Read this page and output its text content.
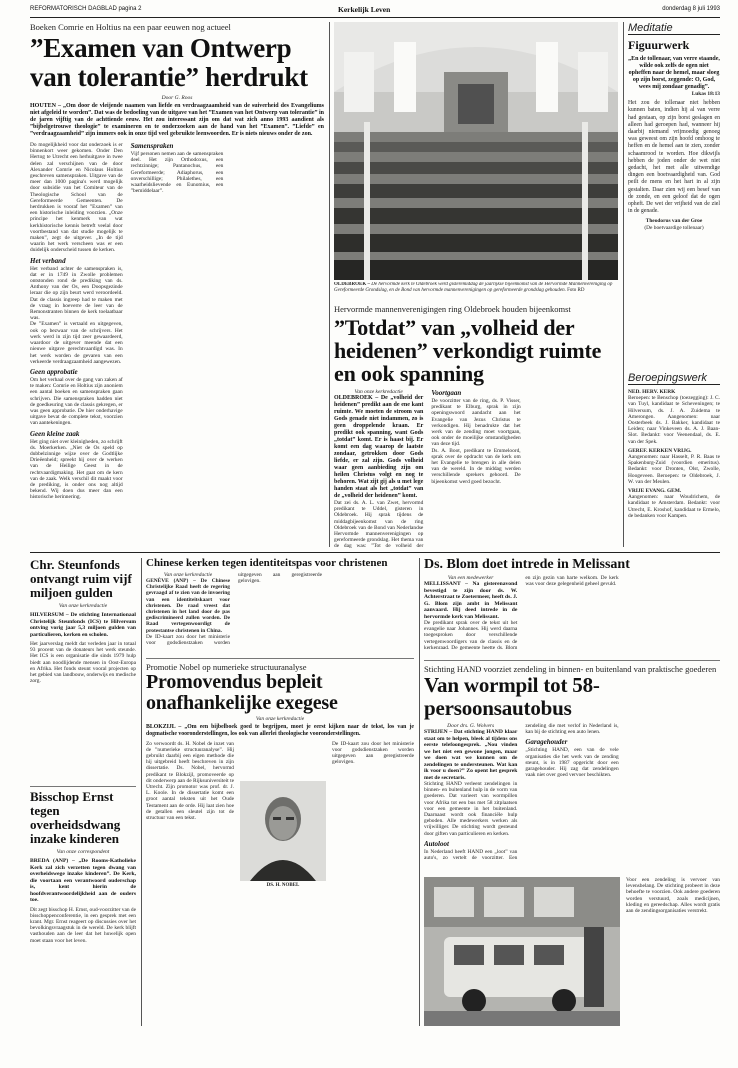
REFORMATORISCH DAGBLAD pagina 2	Kerkelijk Leven	donderdag 8 juli 1993
Boeken Comrie en Holtius na een paar eeuwen nog actueel
”Examen van Ontwerp van tolerantie” herdrukt
Door G. Roos
HOUTEN – „Om door de vleijende naamen van liefde en verdraagzaamheid van de suiverheid des Evangeliums niet afgeleid te worden”. Dat was de bedoeling van de uitgave van het ”Examen van het Ontwerp van tolerantie” in de jaren vijftig van de achttiende eeuw. Het zou interessant zijn om dat wat zich anno 1993 aandient als ”bijbelgetrouwe theologie” te examineren en te onderzoeken aan de hand van het ”Examen”. ”Liefde” en ”verdraagzaamheid” zijn immers ook in onze tijd veel gebruikte leenwoorden. Er is niets nieuws onder de zon.

Do mogelijkheid voor dat onderzoek is er binnenkort weer gekomen. Onder Den Hertog te Utrecht een herhuitgave in twee delen zal verschijnen van de door Alexander Comrie en Nicolaus Holtius geschreven samenspraken. Uitgave van de meer dan 1000 pagina's werd mogelijk door subsidie van het Comiteur van de Theologische School van de Gereformeerde Gemeenten. De herdrukken is vooraf het ”Examen” van een historische inleiding voorzien. „Onze principe het kenmerk van wat kerkhistorische kennis betreft veelal door voortbestand van dat studie mogelijk te maken”, zegt de uitgever. „In de tijd waarin het werk verscheen was er een duidelijk onderscheid tussen de kerken.

Het verband

Het verband achter de samenspraken is, dat er in 1749 in Zwolle problemen ontstonden rond de prediking van ds. Anthony van der Os, een Doopsgezinde leraar die op zijn beurt werd veroordeeld. Dat de classis ingreep had te maken met de vraag in hoeverre de leer van de Remonstranten binnen de kerk toelaatbaar was.

De ”Examen” is vertaald en uitgegeven, ook op bezwaar van de schrijvers. Het werk werd in zijn tijd zeer gewaardeerd, waardoor de uitgever meende dat een nieuwe uitgave gerechtvaardigd was. In het werk worden de gevaren van een verkeerde verdraagzaamheid aangewezen.

Geen approbatie

Om het verhaal over de gang van zaken af te maken: Comrie en Holtius zijn anoniem een aantal boeken en samenspraken gaan schrijven. Die samenspraken hadden niet de goedkeuring van de classis gekregen, er was geen approbatie. De hier onderhavige uitgave bevat de complete tekst, voorzien van aantekeningen.

Geen kleine zaak

Het ging niet over kleinigheden, zo schrijft ds. Moerkerken. „Niet de Os speld op dubbelzinnige wijze over de Godtlijke Drieëenheid; spreekt hij over de werken van de Heilige Geest in de rechtvaardigmaking. Het gaat om de kern van de zaak. Welk verschil dit maakt voor de prediking, is onder ons nog altijd bekend. Wij doen dus meer dan een historische herinnering.

Samenspraken

Vijf personen nemen aan de samenspraken deel. Het zijn Orthodoxus, een rechtzinnige; Pantanochus, een Gereformeerde; Adiaphorus, een onverschillige; Philalethes, een waarheidslievende en Eunomius, een ”bemiddelaar”.

OLDEBROEK – De hervormde kerk te Oldebroek werd gisteremiddag de jaarlijkse bijeenkomst van de Hervormde Mannenvereniging op Gereformeerde Grondslag, en de Bond van hervormde mannenverenigingen op gereformeerde grondslag gehouden. Foto RD
Hervormde mannenverenigingen ring Oldebroek houden bijeenkomst
”Totdat” van „volheid der heidenen” verkondigt ruimte en ook spanning
Van onze kerkredactie

OLDEBROEK – De „volheid der heidenen” predikt aan de ene kant ruimte. We moeten de stroom van Gods genade niet indammen, zo is geen droppelende kraan. Er predikt ook spanning, want Gods „totdat” komt. Er is haast bij. Er komt een dag waarop de laatste zondaar, getrokken door Gods liefde, er zal zijn. Gods volheid waar geen aanbieding zijn om heilen Christus volgt en nog te behoren. Wat zijt gij als u met lege handen staat als het „totdat” van de „volheid der heidenen” komt.

Dat zei ds. A. L. van Zwet, hervormd predikant te Uddel, gisteren in Oldebroek. Hij sprak tijdens de middagbijeenkomst van de ring Oldebroek van de Bond van Nederlandse Hervormde mannenverenigingen op gereformeerde grondslag. Het thema van de dag was: ”Tot de volheid der

Voortgaan

De voorzitter van de ring, ds. P. Visser, predikant te Elburg, sprak in zijn openingswoord aandacht aan het Evangelie van Jezus Christus te verkondigen. Hij benadrukte dat het werk van de zending moet voortgaan, ook onder de moeilijke omstandigheden van deze tijd.

Ds. A. Boot, predikant te Emmeloord, sprak over de opdracht van de kerk om het Evangelie te brengen in alle delen van de wereld. In de middag werden verschillende sprekers gehoord. De bijeenkomst werd goed bezocht.

Meditatie
Figuurwerk
„En de tollenaar, van verre staande, wilde ook zelfs de ogen niet opheffen naar de hemel, maar sloeg op zijn borst, zeggende: O, God, wees mij zondaar genadig”.
Lukas 18:13
Het zou de tollenaar niet hebben kunnen baten, indien hij al van verre had gestaan, op zijn borst geslagen en alleen had geroepen had, wanneer hij daarbij niemand vrijmoedig genoeg was geweest om zijn hoofd omhoog te heffen en de hemel aan te zien, zonder schaamrood te worden. Hoe dikwijls hebben de joden onder de wet niet gedacht, het met alle uitwendige dingen een boetvaardigheid van. God peilt de mens en het hart in al zijn gestalten. Daar zien wij een besef van de zonde, en een geloof dat de ogen opheft. De wet der vrijheid van de ziel in de genade.
Theodorus van der Groe
(De boetvaardige tollenaar)
Beroepingswerk
NED. HERV. KERK
Beroepen: te Benschop (toezegging): J. C. van Tuyl, kandidaat te Scheveningen; te Hilversum, ds. J. A. Zuidema te Amerongen. Aangenomen: naar Oosterbeek ds. J. Bakker, kandidaat te Leiden; naar Vinkeveen ds. A. J. Baan-Slot. Bedankt: voor Veenendaal, ds. E. van der Spek.
GEREF. KERKEN VRIJG.
Aangenomen: naar Hasselt, P. R. Baas te Spakenburg-Zuid (voordien emeritus). Bedankt: voor Dronten, Olst, Zwolle, Hoogeveen. Beroepen: te Oldebroek, J. W. van der Meulen.
VRIJE EVANG. GEM.
Aangenomen: naar Woudrichem, de kandidaat te Amsterdam. Bedankt: voor Utrecht, E. Kroshof, kandidaat te Ermelo, de bedanken voor Kampen.
Chr. Steunfonds ontvangt ruim vijf miljoen gulden
Van onze kerkredactie

HILVERSUM – De stichting Internationaal Christelijk Steunfonds (ICS) te Hilversum ontving vorig jaar 5,3 miljoen gulden van particulieren, kerken en scholen.

Het jaarverslag meldt dat verleden jaar in totaal 93 procent van de donateurs het werk steunde. Het ICS is een organisatie die sinds 1979 hulp biedt aan noodlijdende mensen in Oost-Europa en Afrika. Het fonds steunt vooral projecten op het gebied van landbouw, onderwijs en medische zorg.

Bisschop Ernst tegen overheidsdwang inzake kinderen
Van onze correspondent

BREDA (ANP) – „De Rooms-Katholieke Kerk zal zich verzetten tegen dwang van overheidswege inzake kinderen”. De Kerk, die voortaan een verantwoord ouderschap is, kent hierin de hoofdverantwoordelijkheid aan de ouders toe.

Dit zegt bisschop H. Ernst, oud-voorzitter van de bisschoppenconferentie, in een gesprek met een krant. Mgr. Ernst reageert op discussies over het bevolkingsvraagstuk in de wereld. De kerk blijft vasthouden aan de leer dat het huwelijk open moet staan voor het leven.

Chinese kerken tegen identiteitspas voor christenen
Van onze kerkredactie

GENÈVE (ANP) – De Chinese Christelijke Raad heeft de regering gevraagd af te zien van de invoering van een identiteitskaart voor christenen. De raad vreest dat christenen in het land door de pas gediscrimineerd zullen worden. De Raad vertegenwoordigt de protestantse christenen in China.

De ID-kaart zou door het ministerie voor godsdienstzaken worden uitgegeven aan geregistreerde gelovigen.

Promotie Nobel op numerieke structuuranalyse
Promovendus bepleit onafhankelijke exegese
Van onze kerkredactie

BLOKZIJL – „Om een bijbelboek goed te begrijpen, moet je eerst kijken naar de tekst, los van je dogmatische vooronderstellingen, los ook van allerlei theologische vooronderstellingen.

Zo verwoordt ds. H. Nobel de inzet van de ”numerieke structuuranalyse”. Hij gebruikt daarbij een eigen methode die hij uitgebreid heeft beschreven in zijn dissertatie. Ds. Nobel, hervormd predikant te Blokzijl, promoveerde op dit onderwerp aan de Rijksuniversiteit te Utrecht. Zijn promotor was prof. dr. J. L. Koole. In de dissertatie komt een groot aantal teksten uit het Oude Testament aan de orde. Hij laat zien hoe de getallen een sleutel zijn tot de structuur van een tekst.
DS. H. NOBEL
De ID-kaart zou door het ministerie voor godsdienstzaken worden uitgegeven aan geregistreerde gelovigen.
Ds. Blom doet intrede in Melissant
Van een medewerker

MELLISSANT – Na gisterenavond bevestigd te zijn door ds. W. Achterstraat te Zoetermeer, heeft ds. J. G. Blom zijn ambt in Melissant aanvaard. Hij deed intrede in de hervormde kerk van Melissant.

De predikant sprak over de tekst uit het evangelie naar Johannes. Hij werd daarna toegesproken door verschillende vertegenwoordigers van de classis en de kerkenraad. De gemeente heette ds. Blom en zijn gezin van harte welkom. De kerk was voor deze gelegenheid geheel gevuld.

Stichting HAND voorziet zendeling in binnen- en buitenland van praktische goederen
Van wormpil tot 58-persoonsautobus
Door drs. G. Wolvers

STRIJEN – Dat stichting HAND klaar staat om te helpen, bleek al tijdens ons eerste telefoongesprek. „Nou vinden we het niet een gewone jongen, maar we doen wat we kunnen om de zendelingen te ondersteunen. Wat kan ik voor u doen?” Zo opent het gesprek met de secretaris.

Stichting HAND verleent zendelingen in binnen- en buitenland hulp in de vorm van goederen. Dat varieert van wormpillen voor Afrika tot een bus met 58 zitplaatsen voor een gemeente in het buitenland. Daarnaast wordt ook financiële hulp geboden. Alle medewerkers werken als vrijwilliger. De stichting wordt gesteund door giften van particulieren en kerken.

Autoloot

In Nederland heeft HAND een „loot” van auto's, zo vertelt de voorzitter. Een zendeling die met verlof in Nederland is, kan bij de stichting een auto lenen.

Garagehouder

„Stichting HAND, een van de vele organisaties die het werk van de zending steunt, is in 1987 opgericht door een garagehouder. Hij zag dat zendelingen vaak niet over goed vervoer beschikten.

Voor een zendeling is vervoer van levensbelang. De stichting probeert in deze behoefte te voorzien. Ook andere goederen worden verstuurd, zoals medicijnen, kleding en gereedschap. Alles wordt gratis aan de zendingsorganisaties verstrekt.
